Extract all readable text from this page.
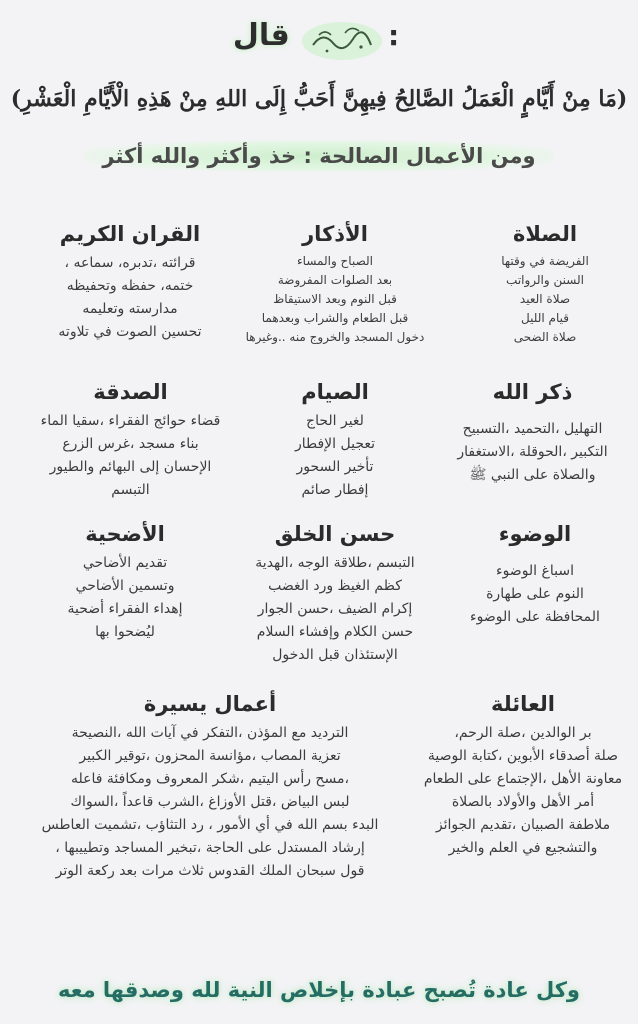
:  قال
(مَا مِنْ أَيَّامٍ الْعَمَلُ الصَّالِحُ فِيهِنَّ أَحَبُّ إِلَى اللهِ مِنْ هَذِهِ الْأَيَّامِ الْعَشْرِ)
ومن الأعمال الصالحة : خذ وأكثر والله أكثر
الصلاة
الفريضة في وقتها
السنن والرواتب
صلاة العيد
قيام الليل
صلاة الضحى
الأذكار
الصباح والمساء
بعد الصلوات المفروضة
قبل النوم وبعد الاستيقاظ
قبل الطعام والشراب وبعدهما
دخول المسجد والخروج منه ..وغيرها
القران الكريم
قرائته ،تدبره، سماعه ،
ختمه، حفظه وتحفيظه
مدارسته وتعليمه
تحسين الصوت في تلاوته
ذكر الله
التهليل ،التحميد ،التسبيح
التكبير ،الحوقلة ،الاستغفار
والصلاة على النبي ﷺ
الصيام
لغير الحاج
تعجيل الإفطار
تأخير السحور
إفطار صائم
الصدقة
قضاء حوائج الفقراء ،سقيا الماء
بناء مسجد ،غرس الزرع
الإحسان إلى البهائم والطيور
التبسم
الوضوء
اسباغ الوضوء
النوم على طهارة
المحافظة على الوضوء
حسن الخلق
التبسم ،طلاقة الوجه ،الهدية
كظم الغيظ ورد الغضب
إكرام الضيف ،حسن الجوار
حسن الكلام وإفشاء السلام
الإستئذان قبل الدخول
الأضحية
تقديم الأضاحي
وتسمين الأضاحي
إهداء الفقراء أضحية
ليُضحوا بها
العائلة
بر الوالدين ،صلة الرحم،
صلة أصدقاء الأبوين ،كتابة الوصية
معاونة الأهل ،الإجتماع على الطعام
أمر الأهل والأولاد بالصلاة
ملاطفة الصبيان ،تقديم الجوائز
والتشجيع في العلم والخير
أعمال يسيرة
الترديد مع المؤذن ،التفكر في آيات الله ،النصيحة
تعزية المصاب ،مؤانسة المحزون ،توقير الكبير
،مسح رأس اليتيم ،شكر المعروف ومكافئة فاعله
لبس البياض ،قتل الأوزاغ ،الشرب قاعداً ،السواك
البدء بسم الله في أي الأمور ، رد التثاؤب ،تشميت العاطس
إرشاد المستدل على الحاجة ،تبخير المساجد وتطييبها ،
قول سبحان الملك القدوس ثلاث مرات بعد ركعة الوتر
وكل عادة تُصبح عبادة بإخلاص النية لله وصدقها معه
